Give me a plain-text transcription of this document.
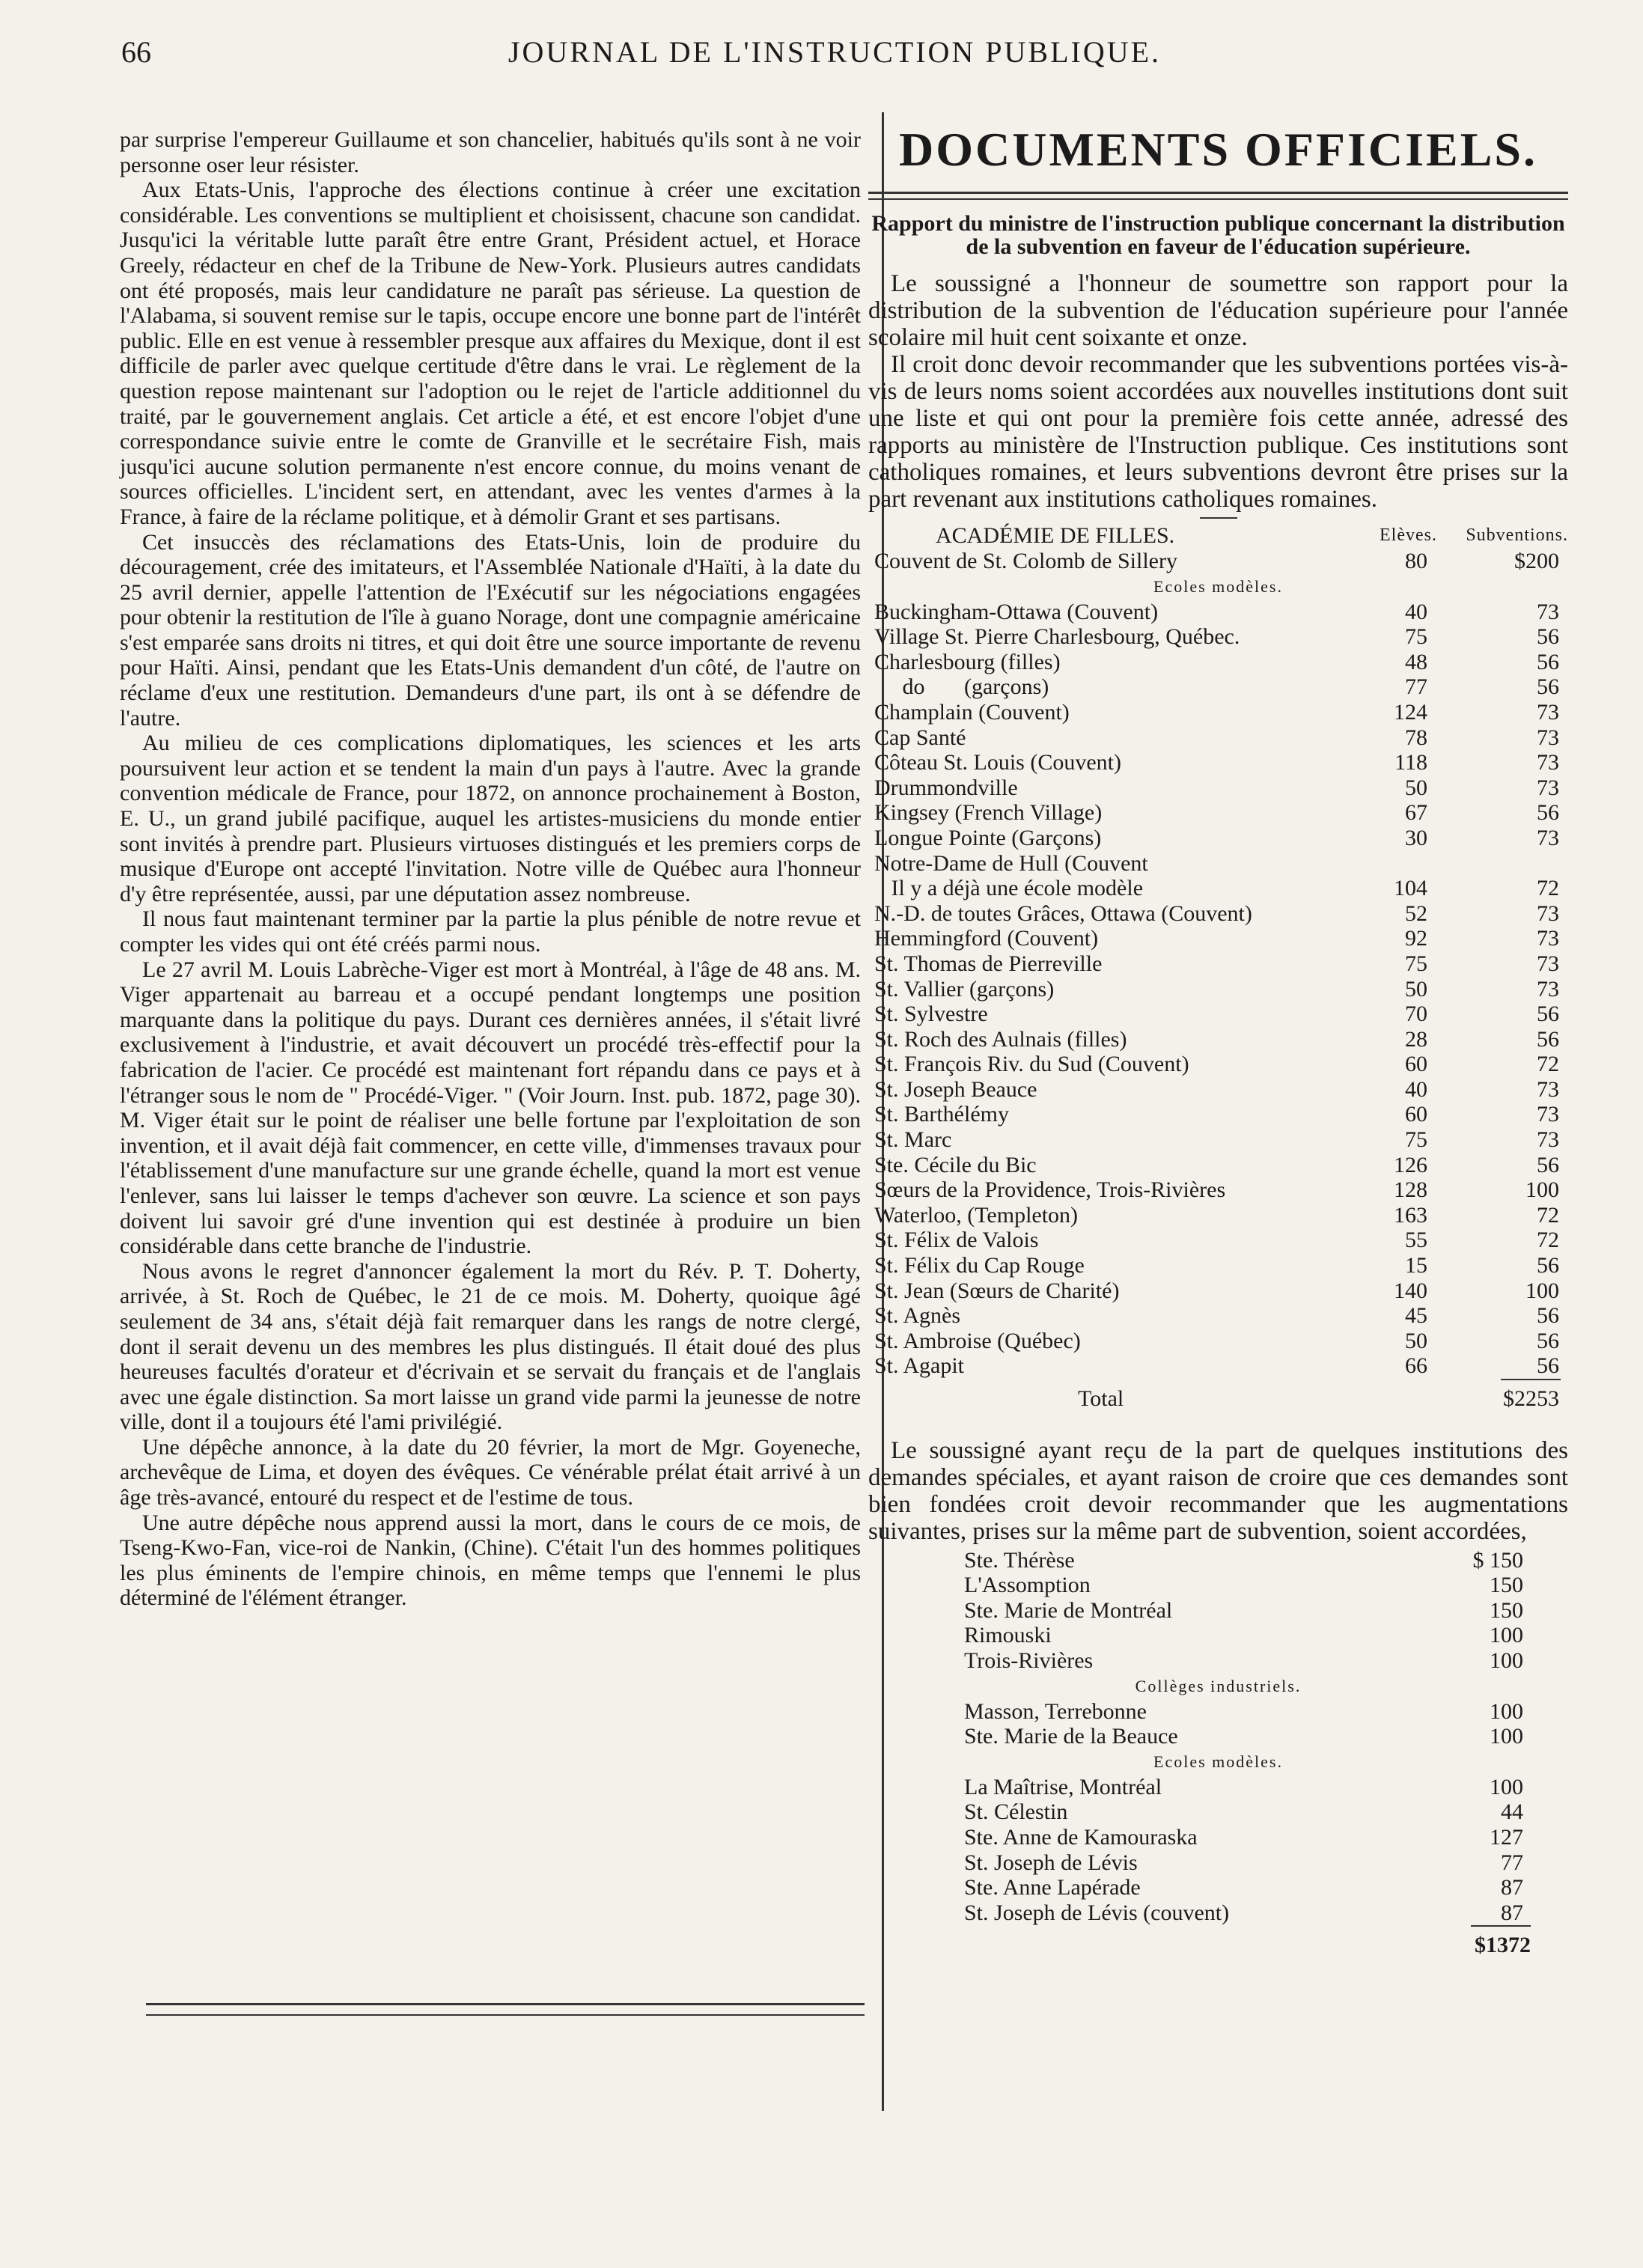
66	JOURNAL DE L'INSTRUCTION PUBLIQUE.

par surprise l'empereur Guillaume et son chancelier, habitués qu'ils sont à ne voir personne oser leur résister.

Aux Etats-Unis, l'approche des élections continue à créer une excitation considérable. Les conventions se multiplient et choisissent, chacune son candidat. Jusqu'ici la véritable lutte paraît être entre Grant, Président actuel, et Horace Greely, rédacteur en chef de la Tribune de New-York. Plusieurs autres candidats ont été proposés, mais leur candidature ne paraît pas sérieuse. La question de l'Alabama, si souvent remise sur le tapis, occupe encore une bonne part de l'intérêt public. Elle en est venue à ressembler presque aux affaires du Mexique, dont il est difficile de parler avec quelque certitude d'être dans le vrai. Le règlement de la question repose maintenant sur l'adoption ou le rejet de l'article additionnel du traité, par le gouvernement anglais. Cet article a été, et est encore l'objet d'une correspondance suivie entre le comte de Granville et le secrétaire Fish, mais jusqu'ici aucune solution permanente n'est encore connue, du moins venant de sources officielles. L'incident sert, en attendant, avec les ventes d'armes à la France, à faire de la réclame politique, et à démolir Grant et ses partisans.

Cet insuccès des réclamations des Etats-Unis, loin de produire du découragement, crée des imitateurs, et l'Assemblée Nationale d'Haïti, à la date du 25 avril dernier, appelle l'attention de l'Exécutif sur les négociations engagées pour obtenir la restitution de l'île à guano Norage, dont une compagnie américaine s'est emparée sans droits ni titres, et qui doit être une source importante de revenu pour Haïti. Ainsi, pendant que les Etats-Unis demandent d'un côté, de l'autre on réclame d'eux une restitution. Demandeurs d'une part, ils ont à se défendre de l'autre.

Au milieu de ces complications diplomatiques, les sciences et les arts poursuivent leur action et se tendent la main d'un pays à l'autre. Avec la grande convention médicale de France, pour 1872, on annonce prochainement à Boston, E. U., un grand jubilé pacifique, auquel les artistes-musiciens du monde entier sont invités à prendre part. Plusieurs virtuoses distingués et les premiers corps de musique d'Europe ont accepté l'invitation. Notre ville de Québec aura l'honneur d'y être représentée, aussi, par une députation assez nombreuse.

Il nous faut maintenant terminer par la partie la plus pénible de notre revue et compter les vides qui ont été créés parmi nous.

Le 27 avril M. Louis Labrèche-Viger est mort à Montréal, à l'âge de 48 ans. M. Viger appartenait au barreau et a occupé pendant longtemps une position marquante dans la politique du pays. Durant ces dernières années, il s'était livré exclusivement à l'industrie, et avait découvert un procédé très-effectif pour la fabrication de l'acier. Ce procédé est maintenant fort répandu dans ce pays et à l'étranger sous le nom de " Procédé-Viger. " (Voir Journ. Inst. pub. 1872, page 30). M. Viger était sur le point de réaliser une belle fortune par l'exploitation de son invention, et il avait déjà fait commencer, en cette ville, d'immenses travaux pour l'établissement d'une manufacture sur une grande échelle, quand la mort est venue l'enlever, sans lui laisser le temps d'achever son œuvre. La science et son pays doivent lui savoir gré d'une invention qui est destinée à produire un bien considérable dans cette branche de l'industrie.

Nous avons le regret d'annoncer également la mort du Rév. P. T. Doherty, arrivée, à St. Roch de Québec, le 21 de ce mois. M. Doherty, quoique âgé seulement de 34 ans, s'était déjà fait remarquer dans les rangs de notre clergé, dont il serait devenu un des membres les plus distingués. Il était doué des plus heureuses facultés d'orateur et d'écrivain et se servait du français et de l'anglais avec une égale distinction. Sa mort laisse un grand vide parmi la jeunesse de notre ville, dont il a toujours été l'ami privilégié.

Une dépêche annonce, à la date du 20 février, la mort de Mgr. Goyeneche, archevêque de Lima, et doyen des évêques. Ce vénérable prélat était arrivé à un âge très-avancé, entouré du respect et de l'estime de tous.

Une autre dépêche nous apprend aussi la mort, dans le cours de ce mois, de Tseng-Kwo-Fan, vice-roi de Nankin, (Chine). C'était l'un des hommes politiques les plus éminents de l'empire chinois, en même temps que l'ennemi le plus déterminé de l'élément étranger.

DOCUMENTS OFFICIELS.

Rapport du ministre de l'instruction publique concernant la distribution de la subvention en faveur de l'éducation supérieure.

Le soussigné a l'honneur de soumettre son rapport pour la distribution de la subvention de l'éducation supérieure pour l'année scolaire mil huit cent soixante et onze.

Il croit donc devoir recommander que les subventions portées vis-à-vis de leurs noms soient accordées aux nouvelles institutions dont suit une liste et qui ont pour la première fois cette année, adressé des rapports au ministère de l'Instruction publique. Ces institutions sont catholiques romaines, et leurs subventions devront être prises sur la part revenant aux institutions catholiques romaines.

ACADÉMIE DE FILLES.	Elèves. Subventions.
Couvent de St. Colomb de Sillery	80	$200
Ecoles modèles.
Buckingham-Ottawa (Couvent)	40	73
Village St. Pierre Charlesbourg, Québec.	75	56
Charlesbourg (filles)	48	56
do       (garçons)	77	56
Champlain (Couvent)	124	73
Cap Santé	78	73
Côteau St. Louis (Couvent)	118	73
Drummondville	50	73
Kingsey (French Village)	67	56
Longue Pointe (Garçons)	30	73
Notre-Dame de Hull (Couvent
Il y a déjà une école modèle	104	72
N.-D. de toutes Grâces, Ottawa (Couvent)	52	73
Hemmingford (Couvent)	92	73
St. Thomas de Pierreville	75	73
St. Vallier (garçons)	50	73
St. Sylvestre	70	56
St. Roch des Aulnais (filles)	28	56
St. François Riv. du Sud (Couvent)	60	72
St. Joseph Beauce	40	73
St. Barthélémy	60	73
St. Marc	75	73
Ste. Cécile du Bic	126	56
Sœurs de la Providence, Trois-Rivières	128	100
Waterloo, (Templeton)	163	72
St. Félix de Valois	55	72
St. Félix du Cap Rouge	15	56
St. Jean (Sœurs de Charité)	140	100
St. Agnès	45	56
St. Ambroise (Québec)	50	56
St. Agapit	66	56
Total	$2253

Le soussigné ayant reçu de la part de quelques institutions des demandes spéciales, et ayant raison de croire que ces demandes sont bien fondées croit devoir recommander que les augmentations suivantes, prises sur la même part de subvention, soient accordées,

Ste. Thérèse	$ 150
L'Assomption	150
Ste. Marie de Montréal	150
Rimouski	100
Trois-Rivières	100
Collèges industriels.
Masson, Terrebonne	100
Ste. Marie de la Beauce	100
Ecoles modèles.
La Maîtrise, Montréal	100
St. Célestin	44
Ste. Anne de Kamouraska	127
St. Joseph de Lévis	77
Ste. Anne Lapérade	87
St. Joseph de Lévis (couvent)	87
$1372
